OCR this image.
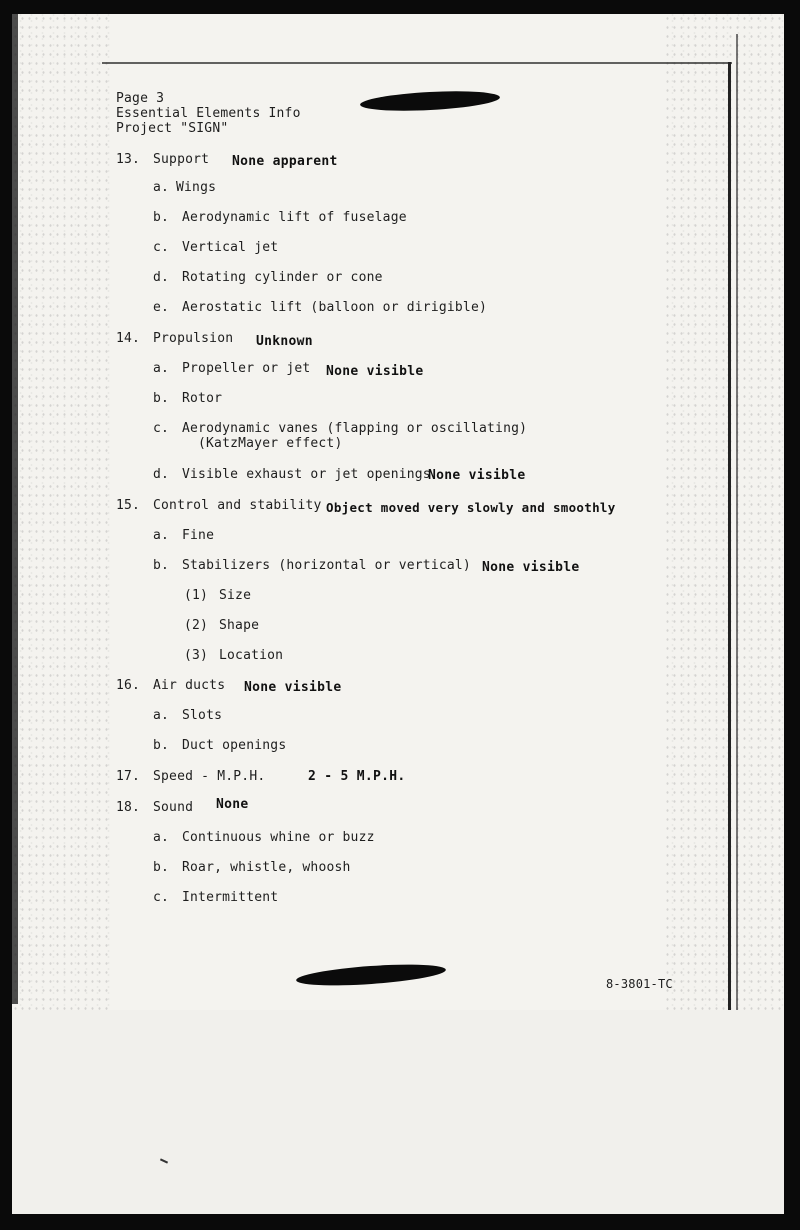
Page 3
Essential Elements Info
Project "SIGN"
13. Support None apparent
a. Wings
b. Aerodynamic lift of fuselage
c. Vertical jet
d. Rotating cylinder or cone
e. Aerostatic lift (balloon or dirigible)
14. Propulsion Unknown
a. Propeller or jet None visible
b. Rotor
c. Aerodynamic vanes (flapping or oscillating)
(KatzMayer effect)
d. Visible exhaust or jet openings
None visible
15. Control and stability Object moved very slowly and smoothly
a. Fine
b. Stabilizers (horizontal or vertical) None visible
(1) Size
(2) Shape
(3) Location
16. Air ducts None visible
a. Slots
b. Duct openings
17. Speed - M.P.H.	2 - 5 M.P.H.
18. Sound None
a. Continuous whine or buzz
b. Roar, whistle, whoosh
c. Intermittent
8-3801-TC
